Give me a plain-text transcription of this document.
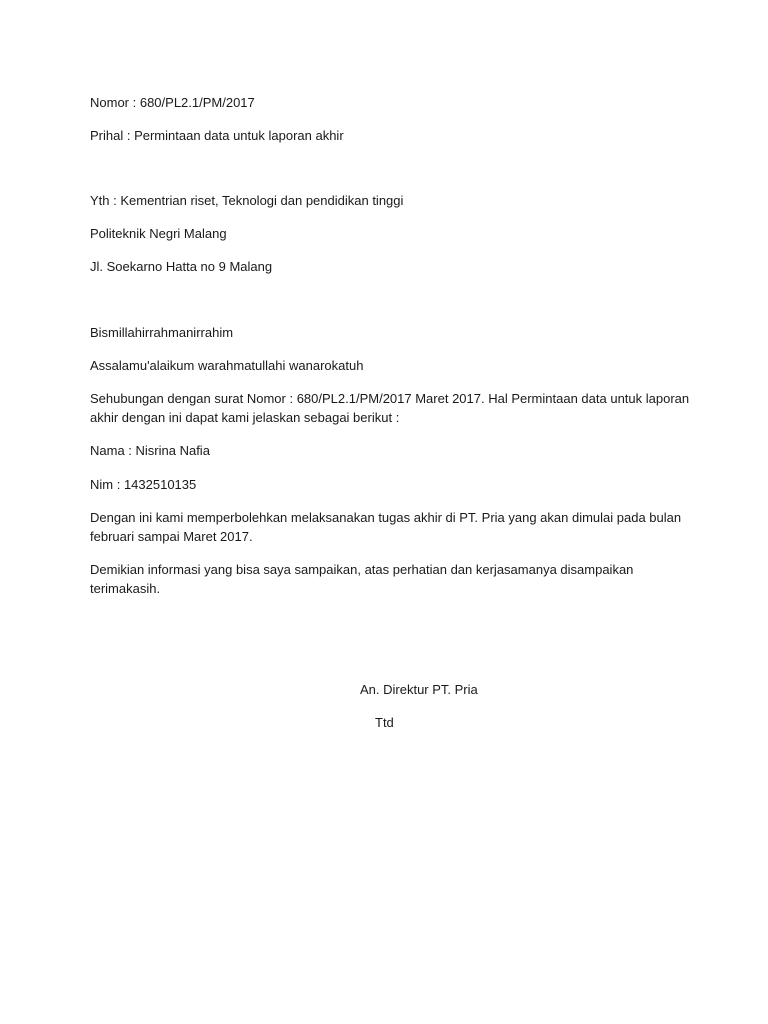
Nomor : 680/PL2.1/PM/2017
Prihal : Permintaan data untuk laporan akhir
Yth : Kementrian riset, Teknologi dan pendidikan tinggi
Politeknik Negri Malang
Jl. Soekarno Hatta no 9 Malang
Bismillahirrahmanirrahim
Assalamu'alaikum warahmatullahi wanarokatuh
Sehubungan dengan surat Nomor : 680/PL2.1/PM/2017 Maret 2017. Hal Permintaan data untuk laporan
akhir dengan ini dapat kami jelaskan sebagai berikut :
Nama : Nisrina Nafia
Nim : 1432510135
Dengan ini kami memperbolehkan melaksanakan tugas akhir di PT. Pria yang akan dimulai pada bulan
februari sampai Maret 2017.
Demikian informasi yang bisa saya sampaikan, atas perhatian dan kerjasamanya disampaikan
terimakasih.
An. Direktur PT. Pria
Ttd
